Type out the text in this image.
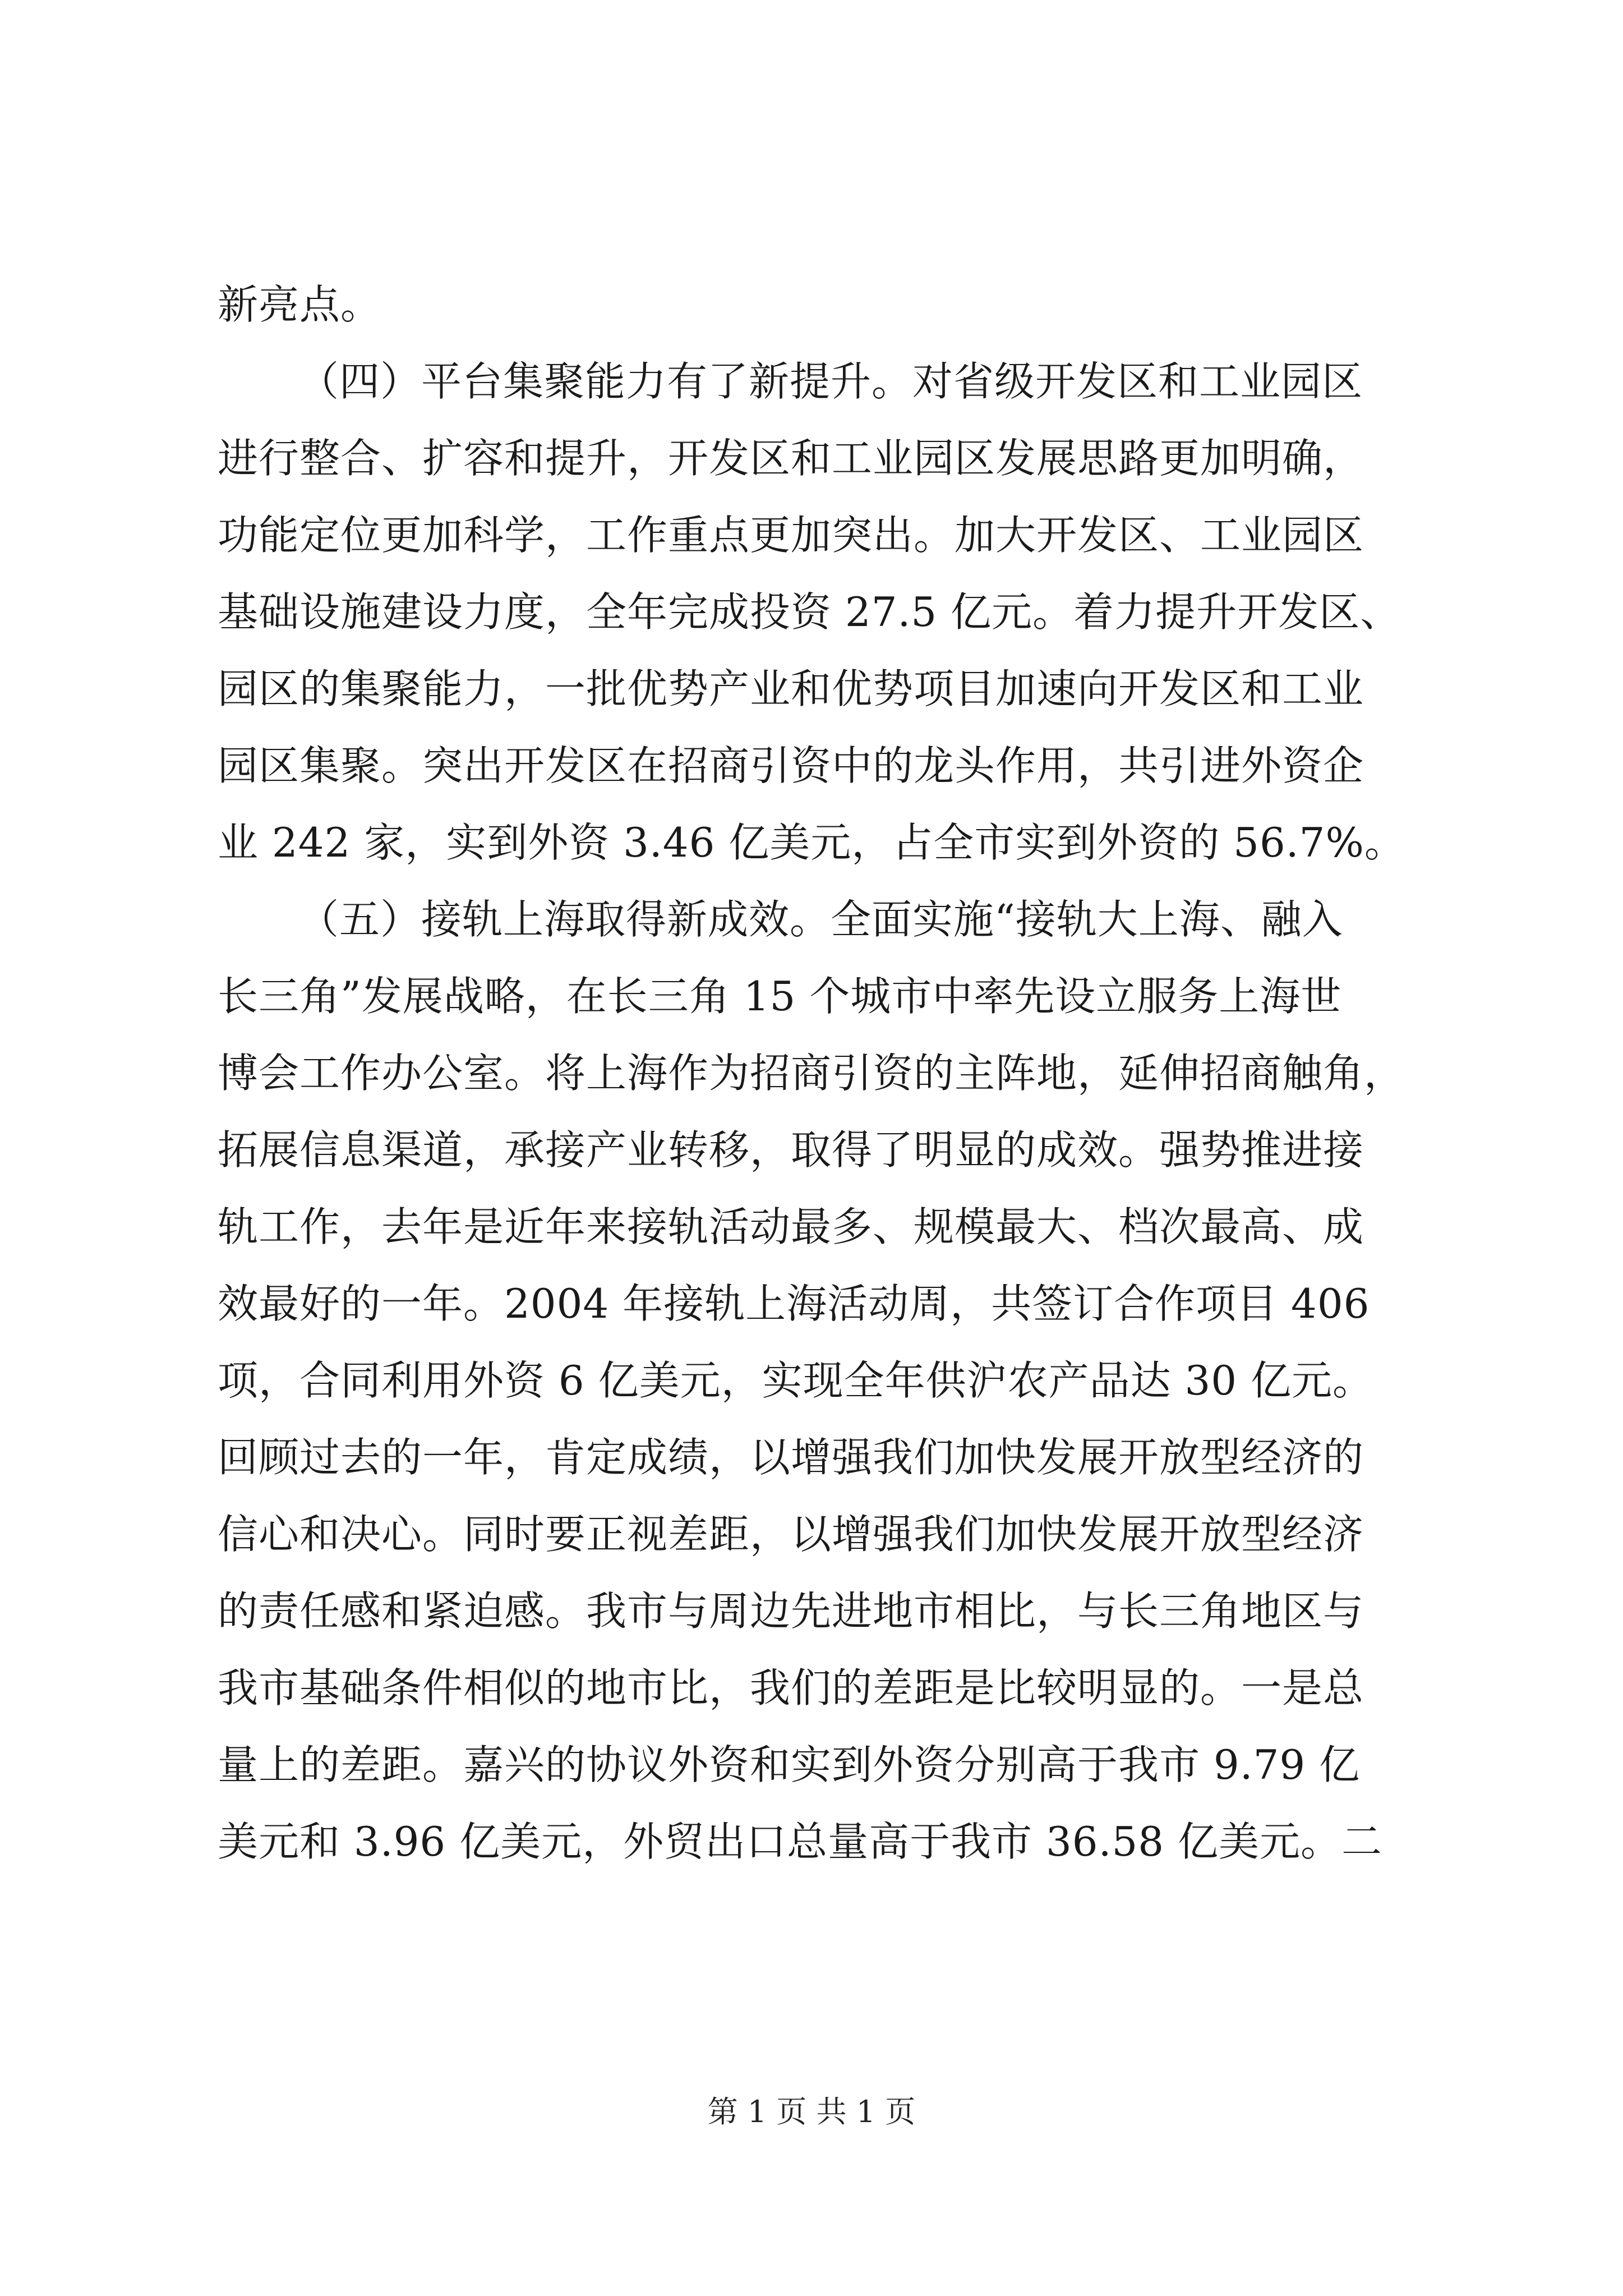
新亮点。
（四）平台集聚能力有了新提升。对省级开发区和工业园区
进行整合、扩容和提升，开发区和工业园区发展思路更加明确，
功能定位更加科学，工作重点更加突出。加大开发区、工业园区
基础设施建设力度，全年完成投资 27.5 亿元。着力提升开发区、
园区的集聚能力，一批优势产业和优势项目加速向开发区和工业
园区集聚。突出开发区在招商引资中的龙头作用，共引进外资企
业 242 家，实到外资 3.46 亿美元，占全市实到外资的 56.7%。
（五）接轨上海取得新成效。全面实施“接轨大上海、融入
长三角”发展战略，在长三角 15 个城市中率先设立服务上海世
博会工作办公室。将上海作为招商引资的主阵地，延伸招商触角，
拓展信息渠道，承接产业转移，取得了明显的成效。强势推进接
轨工作，去年是近年来接轨活动最多、规模最大、档次最高、成
效最好的一年。2004 年接轨上海活动周，共签订合作项目 406
项，合同利用外资 6 亿美元，实现全年供沪农产品达 30 亿元。
回顾过去的一年，肯定成绩，以增强我们加快发展开放型经济的
信心和决心。同时要正视差距，以增强我们加快发展开放型经济
的责任感和紧迫感。我市与周边先进地市相比，与长三角地区与
我市基础条件相似的地市比，我们的差距是比较明显的。一是总
量上的差距。嘉兴的协议外资和实到外资分别高于我市 9.79 亿
美元和 3.96 亿美元，外贸出口总量高于我市 36.58 亿美元。二
第 1 页 共 1 页
